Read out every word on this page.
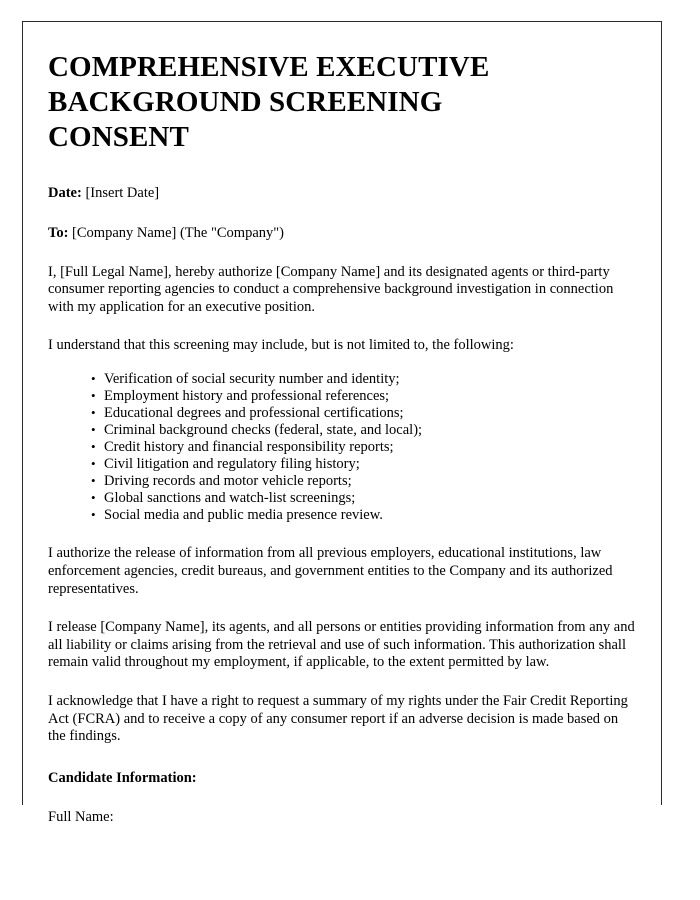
COMPREHENSIVE EXECUTIVE BACKGROUND SCREENING CONSENT
Date: [Insert Date]
To: [Company Name] (The "Company")

I, [Full Legal Name], hereby authorize [Company Name] and its designated agents or third-party consumer reporting agencies to conduct a comprehensive background investigation in connection with my application for an executive position.

I understand that this screening may include, but is not limited to, the following:

• Verification of social security number and identity;
• Employment history and professional references;
• Educational degrees and professional certifications;
• Criminal background checks (federal, state, and local);
• Credit history and financial responsibility reports;
• Civil litigation and regulatory filing history;
• Driving records and motor vehicle reports;
• Global sanctions and watch-list screenings;
• Social media and public media presence review.

I authorize the release of information from all previous employers, educational institutions, law enforcement agencies, credit bureaus, and government entities to the Company and its authorized representatives.

I release [Company Name], its agents, and all persons or entities providing information from any and all liability or claims arising from the retrieval and use of such information. This authorization shall remain valid throughout my employment, if applicable, to the extent permitted by law.

I acknowledge that I have a right to request a summary of my rights under the Fair Credit Reporting Act (FCRA) and to receive a copy of any consumer report if an adverse decision is made based on the findings.

Candidate Information:
Full Name:
